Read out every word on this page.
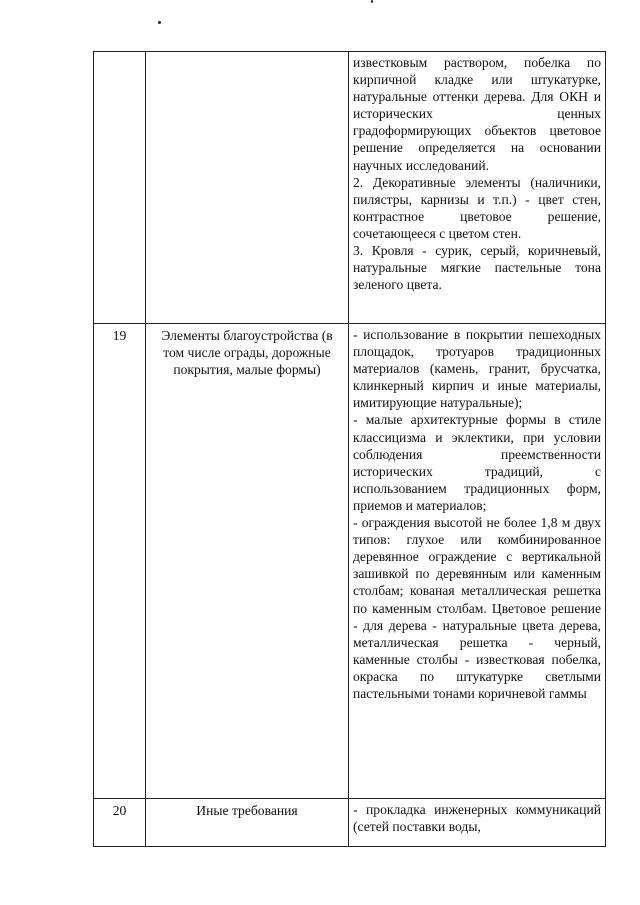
		известковым раствором, побелка по кирпичной кладке или штукатурке, натуральные оттенки дерева. Для ОКН и исторических ценных градоформирующих объектов цветовое решение определяется на основании научных исследований.

2. Декоративные элементы (наличники, пилястры, карнизы и т.п.) - цвет стен, контрастное цветовое решение, сочетающееся с цветом стен.

3. Кровля - сурик, серый, коричневый, натуральные мягкие пастельные тона зеленого цвета.

19	Элементы благоустройства (в том числе ограды, дорожные покрытия, малые формы)	- использование в покрытии пешеходных площадок, тротуаров традиционных материалов (камень, гранит, брусчатка, клинкерный кирпич и иные материалы, имитирующие натуральные);

- малые архитектурные формы в стиле классицизма и эклектики, при условии соблюдения преемственности исторических традиций, с использованием традиционных форм, приемов и материалов;

- ограждения высотой не более 1,8 м двух типов: глухое или комбинированное деревянное ограждение с вертикальной зашивкой по деревянным или каменным столбам; кованая металлическая решетка по каменным столбам. Цветовое решение - для дерева - натуральные цвета дерева, металлическая решетка - черный, каменные столбы - известковая побелка, окраска по штукатурке светлыми пастельными тонами коричневой гаммы

20	Иные требования	- прокладка инженерных коммуникаций (сетей поставки воды,
